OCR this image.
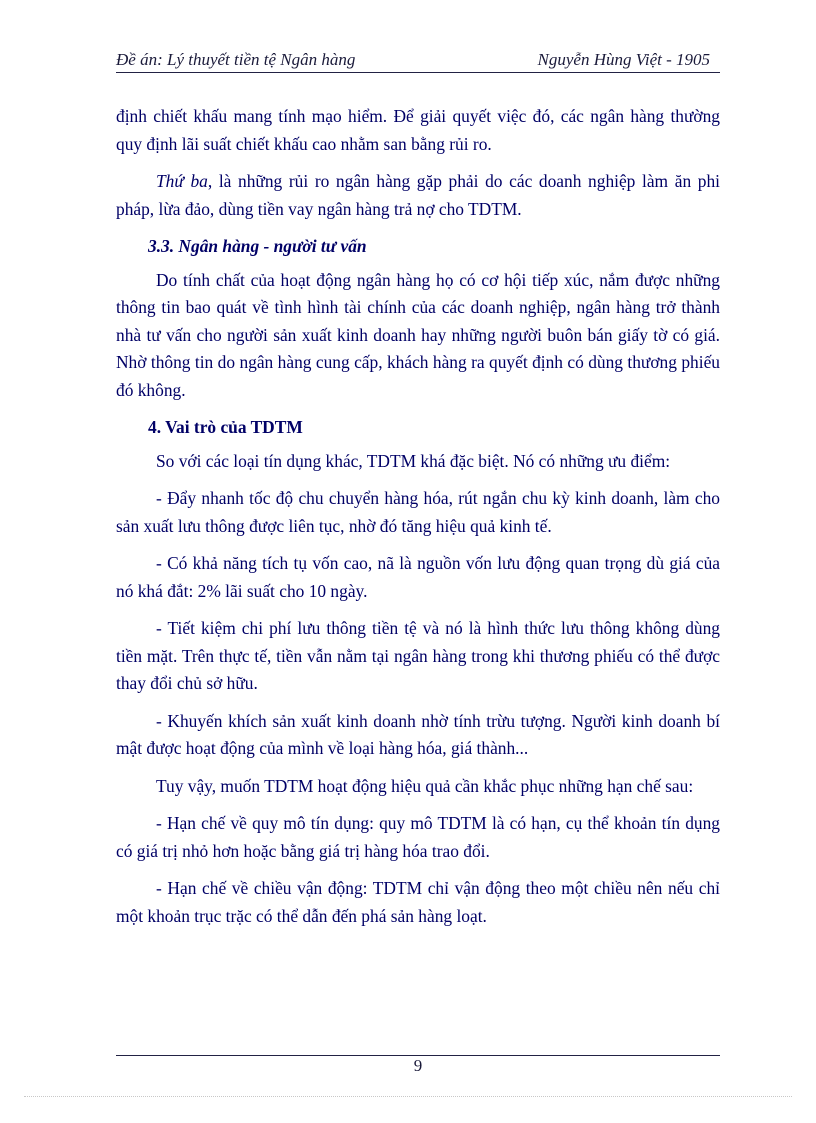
Đề án: Lý thuyết tiền tệ Ngân hàng	Nguyễn Hùng Việt - 1905

định chiết khấu mang tính mạo hiểm. Để giải quyết việc đó, các ngân hàng thường quy định lãi suất chiết khấu cao nhằm san bằng rủi ro.

Thứ ba, là những rủi ro ngân hàng gặp phải do các doanh nghiệp làm ăn phi pháp, lừa đảo, dùng tiền vay ngân hàng trả nợ cho TDTM.

3.3. Ngân hàng - người tư vấn

Do tính chất của hoạt động ngân hàng họ có cơ hội tiếp xúc, nắm được những thông tin bao quát về tình hình tài chính của các doanh nghiệp, ngân hàng trở thành nhà tư vấn cho người sản xuất kinh doanh hay những người buôn bán giấy tờ có giá. Nhờ thông tin do ngân hàng cung cấp, khách hàng ra quyết định có dùng thương phiếu đó không.

4. Vai trò của TDTM

So với các loại tín dụng khác, TDTM khá đặc biệt. Nó có những ưu điểm:

- Đẩy nhanh tốc độ chu chuyển hàng hóa, rút ngắn chu kỳ kinh doanh, làm cho sản xuất lưu thông được liên tục, nhờ đó tăng hiệu quả kinh tế.

- Có khả năng tích tụ vốn cao, nã là nguồn vốn lưu động quan trọng dù giá của nó khá đắt: 2% lãi suất cho 10 ngày.

- Tiết kiệm chi phí lưu thông tiền tệ và nó là hình thức lưu thông không dùng tiền mặt. Trên thực tế, tiền vẫn nằm tại ngân hàng trong khi thương phiếu có thể được thay đổi chủ sở hữu.

- Khuyến khích sản xuất kinh doanh nhờ tính trừu tượng. Người kinh doanh bí mật được hoạt động của mình về loại hàng hóa, giá thành...

Tuy vậy, muốn TDTM hoạt động hiệu quả cần khắc phục những hạn chế sau:

- Hạn chế về quy mô tín dụng: quy mô TDTM là có hạn, cụ thể khoản tín dụng có giá trị nhỏ hơn hoặc bằng giá trị hàng hóa trao đổi.

- Hạn chế về chiều vận động: TDTM chỉ vận động theo một chiều nên nếu chỉ một khoản trục trặc có thể dẫn đến phá sản hàng loạt.

9
